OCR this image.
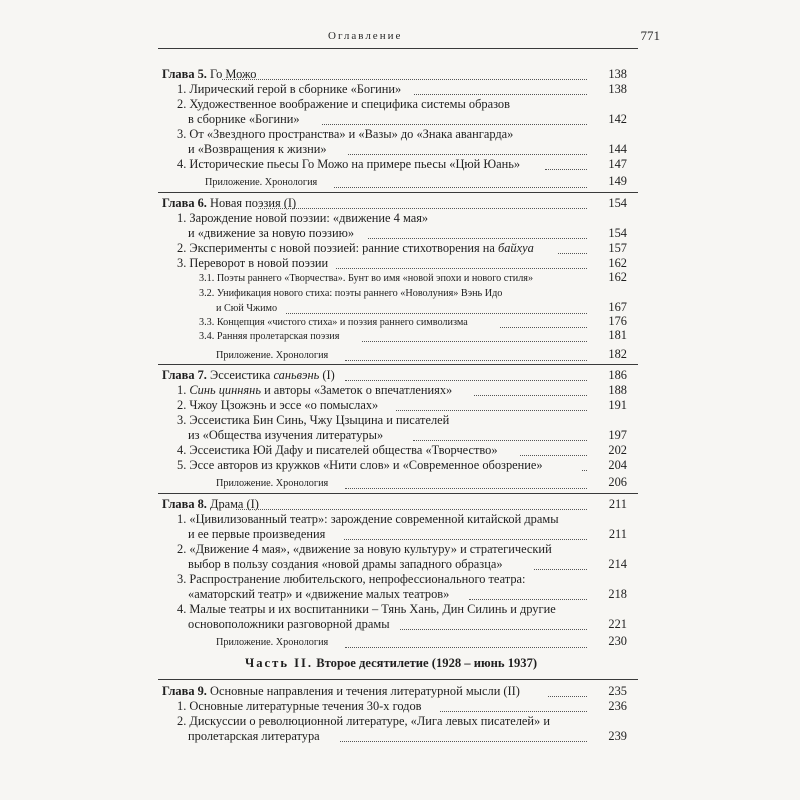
Оглавление	771
Глава 5. Го Можо	138
1. Лирический герой в сборнике «Богини»	138
2. Художественное воображение и специфика системы образов
в сборнике «Богини»	142
3. От «Звездного пространства» и «Вазы» до «Знака авангарда»
и «Возвращения к жизни»	144
4. Исторические пьесы Го Можо на примере пьесы «Цюй Юань»	147
Приложение. Хронология	149
Глава 6. Новая поэзия (I)	154
1. Зарождение новой поэзии: «движение 4 мая»
и «движение за новую поэзию»	154
2. Эксперименты с новой поэзией: ранние стихотворения на байхуа	157
3. Переворот в новой поэзии	162
3.1. Поэты раннего «Творчества». Бунт во имя «новой эпохи и нового стиля»	162
3.2. Унификация нового стиха: поэты раннего «Новолуния» Вэнь Идо
и Сюй Чжимо	167
3.3. Концепция «чистого стиха» и поэзия раннего символизма	176
3.4. Ранняя пролетарская поэзия	181
Приложение. Хронология	182
Глава 7. Эссеистика саньвэнь (I)	186
1. Синь циннянь и авторы «Заметок о впечатлениях»	188
2. Чжоу Цзожэнь и эссе «о помыслах»	191
3. Эссеистика Бин Синь, Чжу Цзыцина и писателей
из «Общества изучения литературы»	197
4. Эссеистика Юй Дафу и писателей общества «Творчество»	202
5. Эссе авторов из кружков «Нити слов» и «Современное обозрение»	204
Приложение. Хронология	206
Глава 8. Драма (I)	211
1. «Цивилизованный театр»: зарождение современной китайской драмы
и ее первые произведения	211
2. «Движение 4 мая», «движение за новую культуру» и стратегический
выбор в пользу создания «новой драмы западного образца»	214
3. Распространение любительского, непрофессионального театра:
«аматорский театр» и «движение малых театров»	218
4. Малые театры и их воспитанники – Тянь Хань, Дин Силинь и другие
основоположники разговорной драмы	221
Приложение. Хронология	230
Часть II. Второе десятилетие (1928 – июнь 1937)
Глава 9. Основные направления и течения литературной мысли (II)	235
1. Основные литературные течения 30-х годов	236
2. Дискуссии о революционной литературе, «Лига левых писателей» и
пролетарская литература	239
